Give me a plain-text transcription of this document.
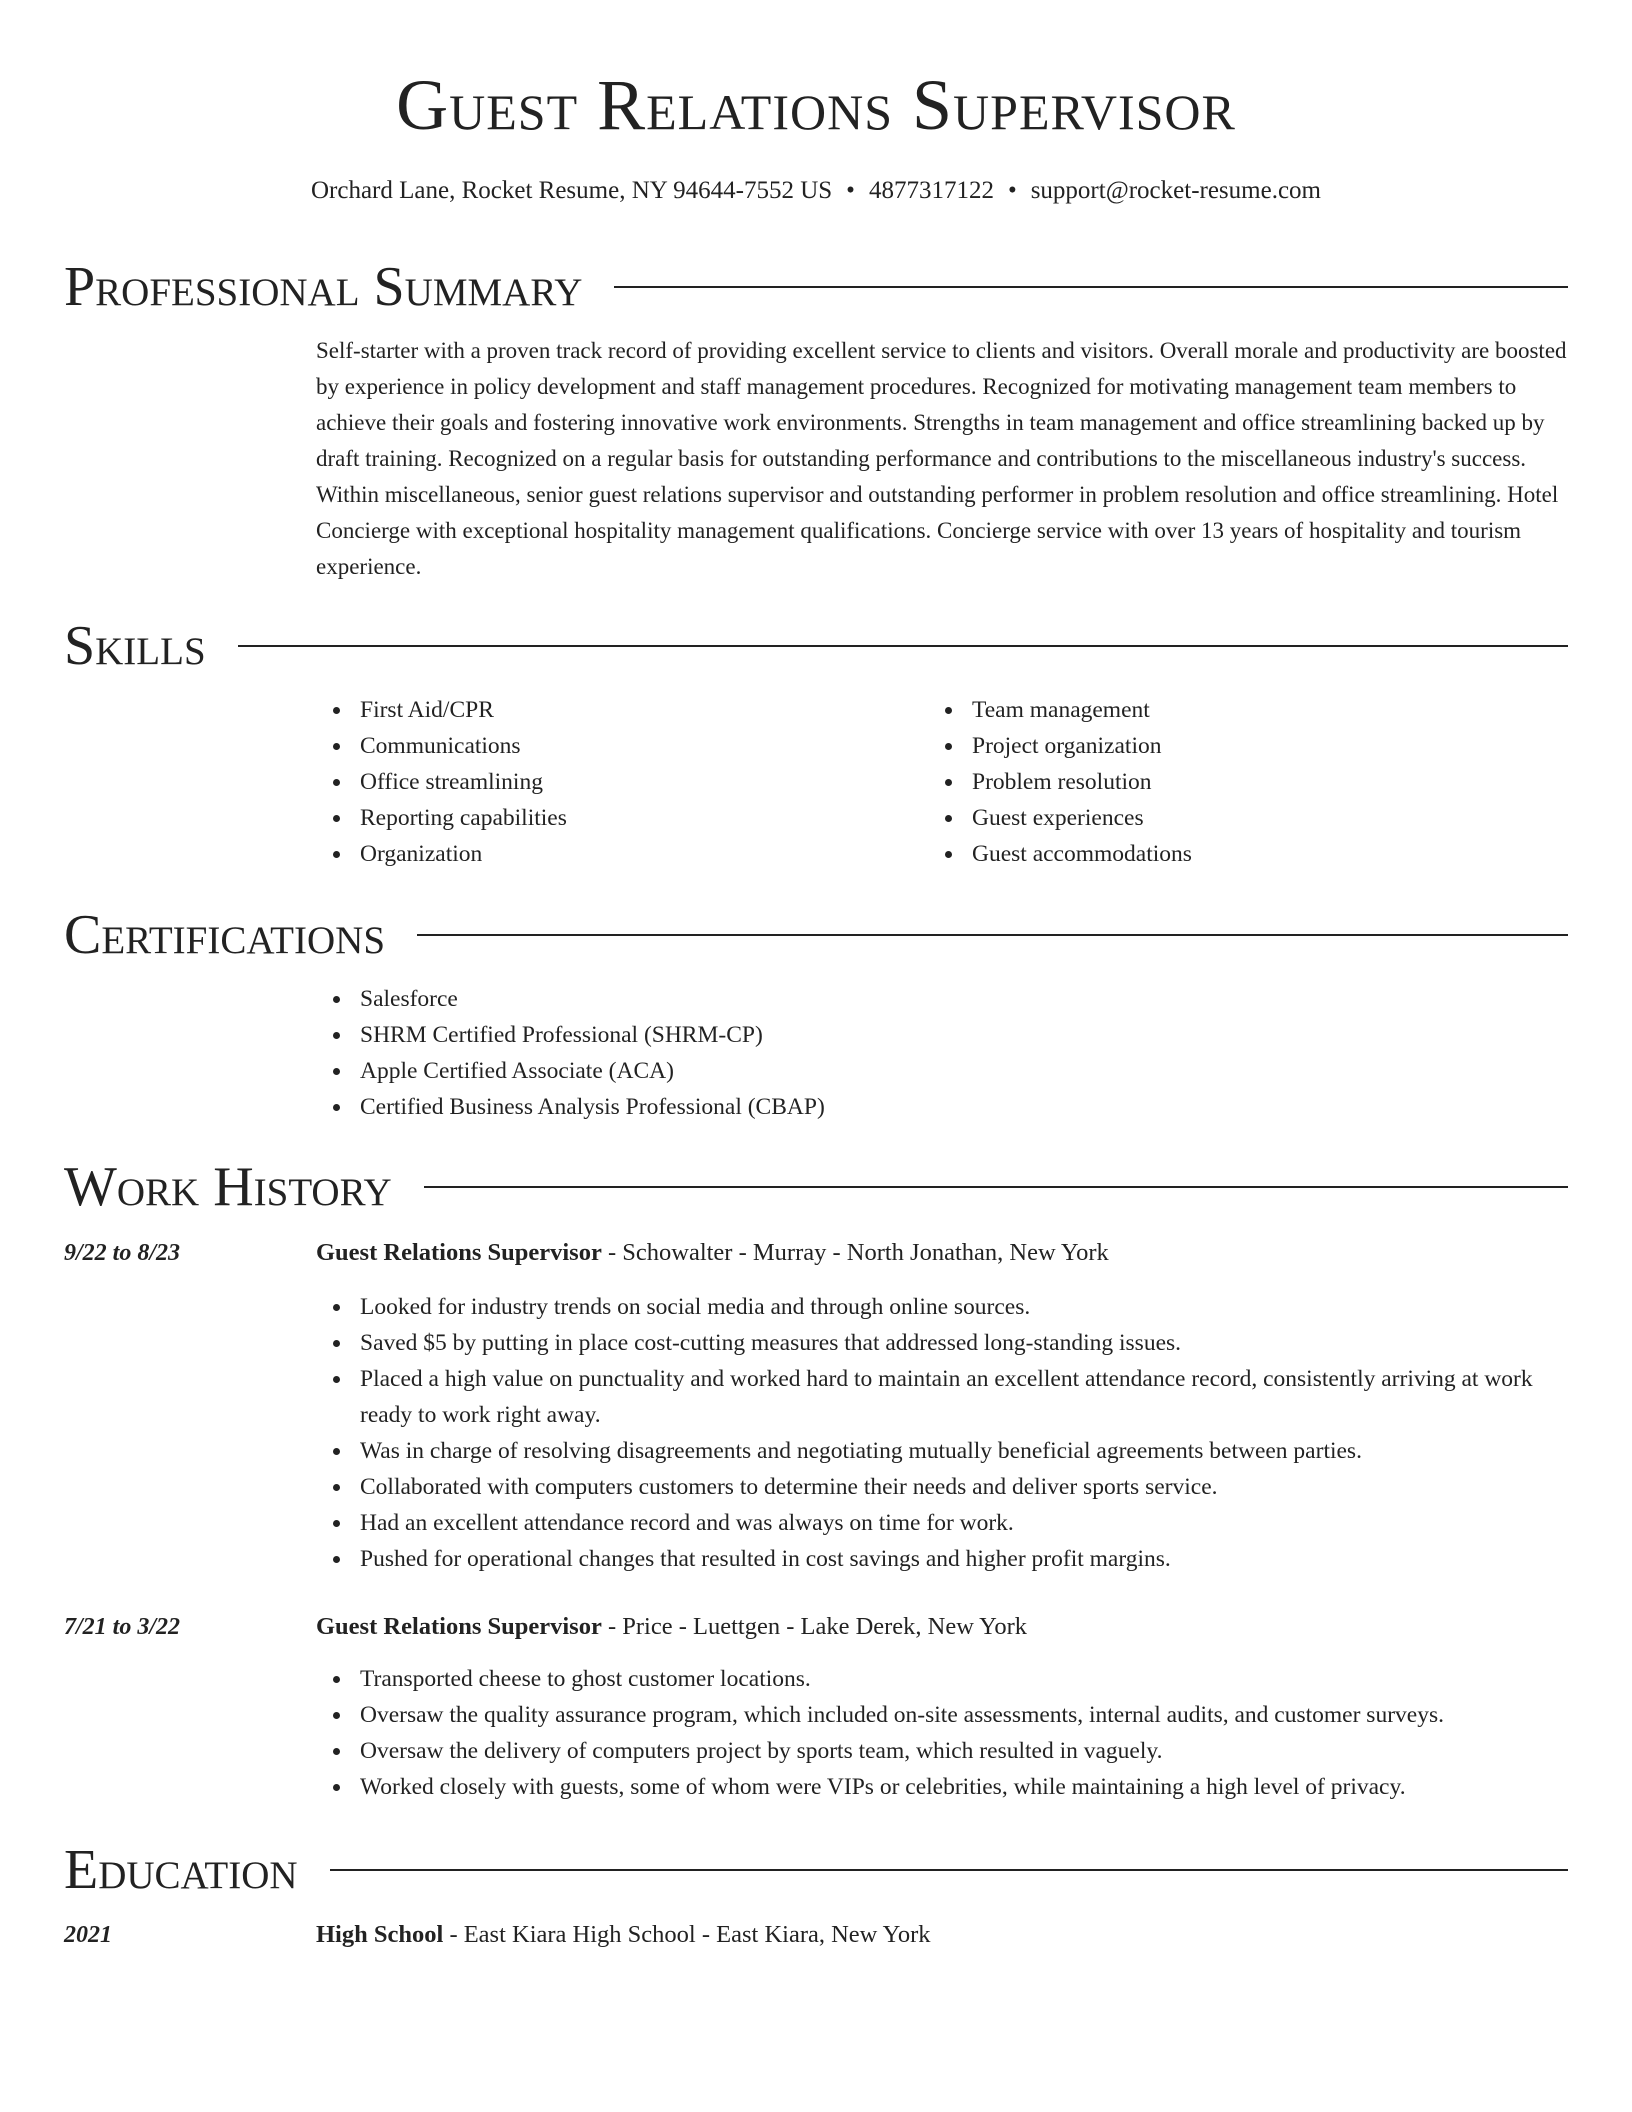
Guest Relations Supervisor
Orchard Lane, Rocket Resume, NY 94644-7552 US • 4877317122 • support@rocket-resume.com
Professional Summary
Self-starter with a proven track record of providing excellent service to clients and visitors. Overall morale and productivity are boosted by experience in policy development and staff management procedures. Recognized for motivating management team members to achieve their goals and fostering innovative work environments. Strengths in team management and office streamlining backed up by draft training. Recognized on a regular basis for outstanding performance and contributions to the miscellaneous industry's success. Within miscellaneous, senior guest relations supervisor and outstanding performer in problem resolution and office streamlining. Hotel Concierge with exceptional hospitality management qualifications. Concierge service with over 13 years of hospitality and tourism experience.
Skills
First Aid/CPR
Communications
Office streamlining
Reporting capabilities
Organization
Team management
Project organization
Problem resolution
Guest experiences
Guest accommodations
Certifications
Salesforce
SHRM Certified Professional (SHRM-CP)
Apple Certified Associate (ACA)
Certified Business Analysis Professional (CBAP)
Work History
9/22 to 8/23	Guest Relations Supervisor - Schowalter - Murray - North Jonathan, New York
Looked for industry trends on social media and through online sources.
Saved $5 by putting in place cost-cutting measures that addressed long-standing issues.
Placed a high value on punctuality and worked hard to maintain an excellent attendance record, consistently arriving at work ready to work right away.
Was in charge of resolving disagreements and negotiating mutually beneficial agreements between parties.
Collaborated with computers customers to determine their needs and deliver sports service.
Had an excellent attendance record and was always on time for work.
Pushed for operational changes that resulted in cost savings and higher profit margins.
7/21 to 3/22	Guest Relations Supervisor - Price - Luettgen - Lake Derek, New York
Transported cheese to ghost customer locations.
Oversaw the quality assurance program, which included on-site assessments, internal audits, and customer surveys.
Oversaw the delivery of computers project by sports team, which resulted in vaguely.
Worked closely with guests, some of whom were VIPs or celebrities, while maintaining a high level of privacy.
Education
2021	High School - East Kiara High School - East Kiara, New York
